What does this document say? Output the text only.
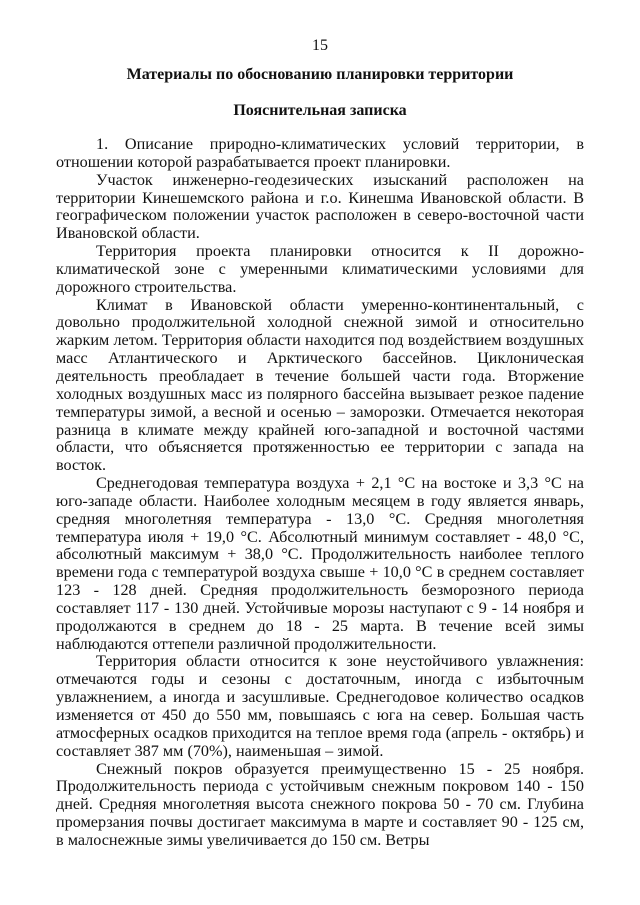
15
Материалы по обоснованию планировки территории
Пояснительная записка

1. Описание природно-климатических условий территории, в отношении которой разрабатывается проект планировки.

Участок инженерно-геодезических изысканий расположен на территории Кинешемского района и г.о. Кинешма Ивановской области. В географическом положении участок расположен в северо-восточной части Ивановской области.

Территория проекта планировки относится к II дорожно-климатической зоне с умеренными климатическими условиями для дорожного строительства.

Климат в Ивановской области умеренно-континентальный, с довольно продолжительной холодной снежной зимой и относительно жарким летом. Территория области находится под воздействием воздушных масс Атлантического и Арктического бассейнов. Циклоническая деятельность преобладает в течение большей части года. Вторжение холодных воздушных масс из полярного бассейна вызывает резкое падение температуры зимой, а весной и осенью – заморозки. Отмечается некоторая разница в климате между крайней юго-западной и восточной частями области, что объясняется протяженностью ее территории с запада на восток.

Среднегодовая температура воздуха + 2,1 °С на востоке и 3,3 °С на юго-западе области. Наиболее холодным месяцем в году является январь, средняя многолетняя температура - 13,0 °С. Средняя многолетняя температура июля + 19,0 °С. Абсолютный минимум составляет - 48,0 °С, абсолютный максимум + 38,0 °С. Продолжительность наиболее теплого времени года с температурой воздуха свыше + 10,0 °С в среднем составляет 123 - 128 дней. Средняя продолжительность безморозного периода составляет 117 - 130 дней. Устойчивые морозы наступают с 9 - 14 ноября и продолжаются в среднем до 18 - 25 марта. В течение всей зимы наблюдаются оттепели различной продолжительности.

Территория области относится к зоне неустойчивого увлажнения: отмечаются годы и сезоны с достаточным, иногда с избыточным увлажнением, а иногда и засушливые. Среднегодовое количество осадков изменяется от 450 до 550 мм, повышаясь с юга на север. Большая часть атмосферных осадков приходится на теплое время года (апрель - октябрь) и составляет 387 мм (70%), наименьшая – зимой.

Снежный покров образуется преимущественно 15 - 25 ноября. Продолжительность периода с устойчивым снежным покровом 140 - 150 дней. Средняя многолетняя высота снежного покрова 50 - 70 см. Глубина промерзания почвы достигает максимума в марте и составляет 90 - 125 см, в малоснежные зимы увеличивается до 150 см. Ветры
